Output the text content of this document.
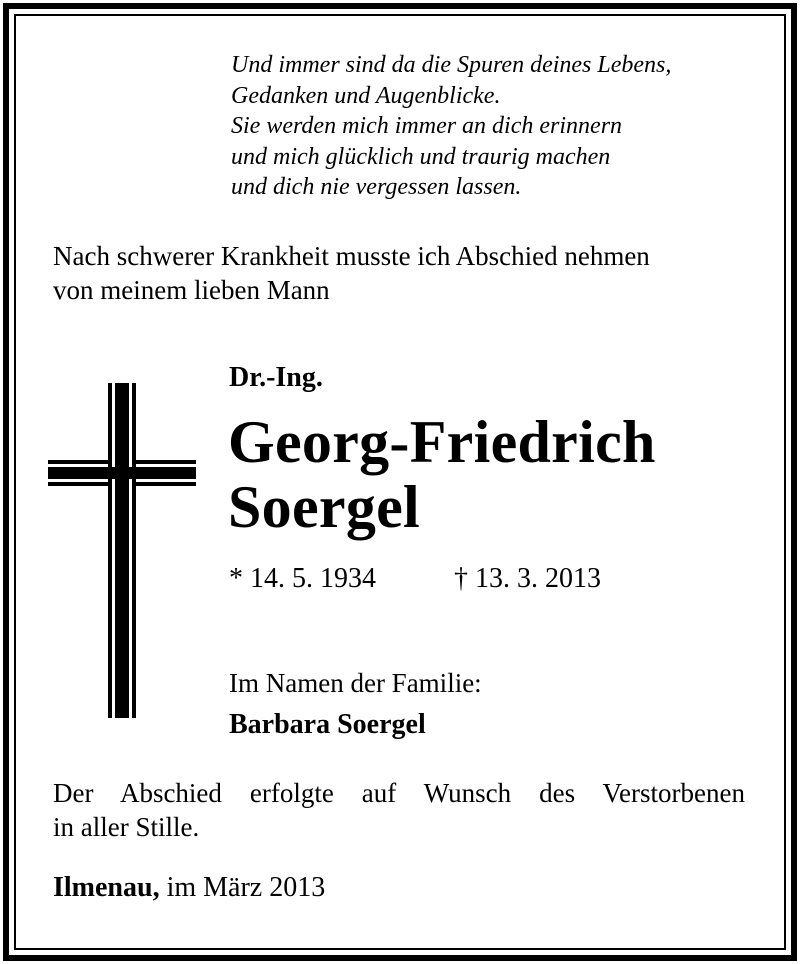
Und immer sind da die Spuren deines Lebens,
Gedanken und Augenblicke.
Sie werden mich immer an dich erinnern
und mich glücklich und traurig machen
und dich nie vergessen lassen.
Nach schwerer Krankheit musste ich Abschied nehmen
von meinem lieben Mann
Dr.-Ing.
Georg-Friedrich
Soergel
* 14. 5. 1934	† 13. 3. 2013
Im Namen der Familie:
Barbara Soergel
Der Abschied erfolgte auf Wunsch des Verstorbenen
in aller Stille.
Ilmenau, im März 2013
